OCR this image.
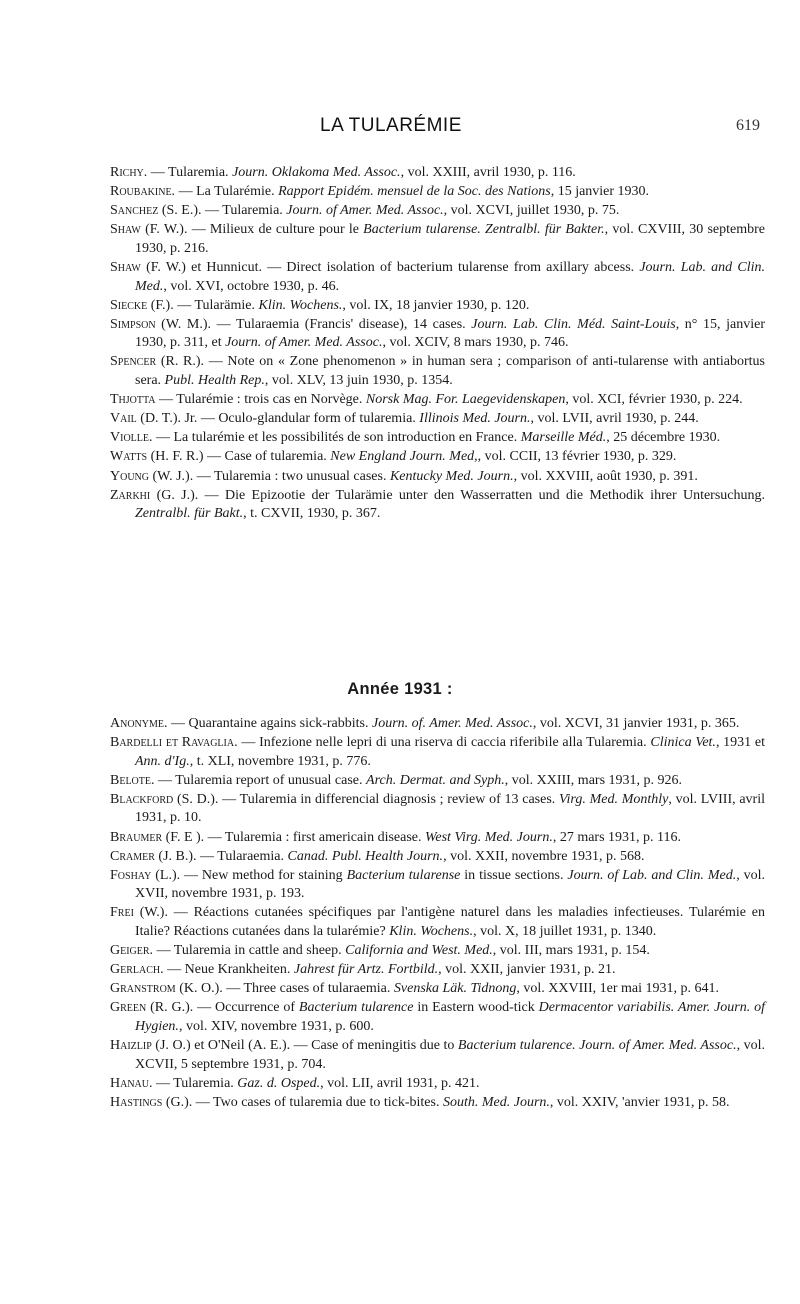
LA TULARÉMIE	619

Richy. — Tularemia. Journ. Oklakoma Med. Assoc., vol. XXIII, avril 1930, p. 116.

Roubakine. — La Tularémie. Rapport Epidém. mensuel de la Soc. des Nations, 15 janvier 1930.

Sanchez (S. E.). — Tularemia. Journ. of Amer. Med. Assoc., vol. XCVI, juillet 1930, p. 75.

Shaw (F. W.). — Milieux de culture pour le Bacterium tularense. Zentralbl. für Bakter., vol. CXVIII, 30 septembre 1930, p. 216.

Shaw (F. W.) et Hunnicut. — Direct isolation of bacterium tularense from axillary abcess. Journ. Lab. and Clin. Med., vol. XVI, octobre 1930, p. 46.

Siecke (F.). — Tularämie. Klin. Wochens., vol. IX, 18 janvier 1930, p. 120.

Simpson (W. M.). — Tularaemia (Francis' disease), 14 cases. Journ. Lab. Clin. Méd. Saint-Louis, n° 15, janvier 1930, p. 311, et Journ. of Amer. Med. Assoc., vol. XCIV, 8 mars 1930, p. 746.

Spencer (R. R.). — Note on « Zone phenomenon » in human sera ; comparison of anti-tularense with antiabortus sera. Publ. Health Rep., vol. XLV, 13 juin 1930, p. 1354.

Thjotta — Tularémie : trois cas en Norvège. Norsk Mag. For. Laegevidenskapen, vol. XCI, février 1930, p. 224.

Vail (D. T.). Jr. — Oculo-glandular form of tularemia. Illinois Med. Journ., vol. LVII, avril 1930, p. 244.

Violle. — La tularémie et les possibilités de son introduction en France. Marseille Méd., 25 décembre 1930.

Watts (H. F. R.) — Case of tularemia. New England Journ. Med,, vol. CCII, 13 février 1930, p. 329.

Young (W. J.). — Tularemia : two unusual cases. Kentucky Med. Journ., vol. XXVIII, août 1930, p. 391.

Zarkhi (G. J.). — Die Epizootie der Tularämie unter den Wasserratten und die Methodik ihrer Untersuchung. Zentralbl. für Bakt., t. CXVII, 1930, p. 367.

Année 1931 :

Anonyme. — Quarantaine agains sick-rabbits. Journ. of. Amer. Med. Assoc., vol. XCVI, 31 janvier 1931, p. 365.

Bardelli et Ravaglia. — Infezione nelle lepri di una riserva di caccia riferibile alla Tularemia. Clinica Vet., 1931 et Ann. d'Ig., t. XLI, novembre 1931, p. 776.

Belote. — Tularemia report of unusual case. Arch. Dermat. and Syph., vol. XXIII, mars 1931, p. 926.

Blackford (S. D.). — Tularemia in differencial diagnosis ; review of 13 cases. Virg. Med. Monthly, vol. LVIII, avril 1931, p. 10.

Braumer (F. E ). — Tularemia : first americain disease. West Virg. Med. Journ., 27 mars 1931, p. 116.

Cramer (J. B.). — Tularaemia. Canad. Publ. Health Journ., vol. XXII, novembre 1931, p. 568.

Foshay (L.). — New method for staining Bacterium tularense in tissue sections. Journ. of Lab. and Clin. Med., vol. XVII, novembre 1931, p. 193.

Frei (W.). — Réactions cutanées spécifiques par l'antigène naturel dans les maladies infectieuses. Tularémie en Italie? Réactions cutanées dans la tularémie? Klin. Wochens., vol. X, 18 juillet 1931, p. 1340.

Geiger. — Tularemia in cattle and sheep. California and West. Med., vol. III, mars 1931, p. 154.

Gerlach. — Neue Krankheiten. Jahrest für Artz. Fortbild., vol. XXII, janvier 1931, p. 21.

Granstrom (K. O.). — Three cases of tularaemia. Svenska Läk. Tidnong, vol. XXVIII, 1er mai 1931, p. 641.

Green (R. G.). — Occurrence of Bacterium tularence in Eastern wood-tick Dermacentor variabilis. Amer. Journ. of Hygien., vol. XIV, novembre 1931, p. 600.

Haizlip (J. O.) et O'Neil (A. E.). — Case of meningitis due to Bacterium tularence. Journ. of Amer. Med. Assoc., vol. XCVII, 5 septembre 1931, p. 704.

Hanau. — Tularemia. Gaz. d. Osped., vol. LII, avril 1931, p. 421.

Hastings (G.). — Two cases of tularemia due to tick-bites. South. Med. Journ., vol. XXIV, 'anvier 1931, p. 58.
